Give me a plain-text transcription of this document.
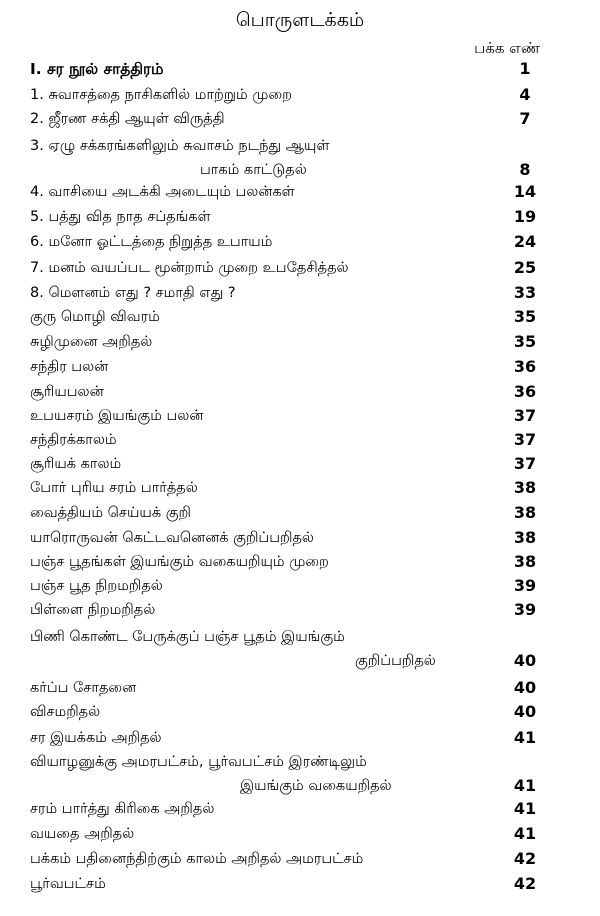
பொருளடக்கம்
பக்க எண்
I. சர நூல் சாத்திரம்	1
1. சுவாசத்தை நாசிகளில் மாற்றும் முறை	4
2. ஜீரண சக்தி ஆயுள் விருத்தி	7
3. ஏழு சக்கரங்களிலும் சுவாசம் நடந்து ஆயுள்
பாகம் காட்டுதல்	8
4. வாசியை அடக்கி அடையும் பலன்கள்	14
5. பத்து வித நாத சப்தங்கள்	19
6. மனோ ஓட்டத்தை நிறுத்த உபாயம்	24
7. மனம் வயப்பட மூன்றாம் முறை உபதேசித்தல்	25
8. மௌனம் எது ? சமாதி எது ?	33
குரு மொழி விவரம்	35
சுழிமுனை அறிதல்	35
சந்திர பலன்	36
சூரியபலன்	36
உபயசரம் இயங்கும் பலன்	37
சந்திரக்காலம்	37
சூரியக் காலம்	37
போர் புரிய சரம் பார்த்தல்	38
வைத்தியம் செய்யக் குறி	38
யாரொருவன் கெட்டவனெனக் குறிப்பறிதல்	38
பஞ்ச பூதங்கள் இயங்கும் வகையறியும் முறை	38
பஞ்ச பூத நிறமறிதல்	39
பிள்ளை நிறமறிதல்	39
பிணி கொண்ட பேருக்குப் பஞ்ச பூதம் இயங்கும்
குறிப்பறிதல்	40
கர்ப்ப சோதனை	40
விசமறிதல்	40
சர இயக்கம் அறிதல்	41
வியாழனுக்கு அமரபட்சம், பூர்வபட்சம் இரண்டிலும்
இயங்கும் வகையறிதல்	41
சரம் பார்த்து கிரிகை அறிதல்	41
வயதை அறிதல்	41
பக்கம் பதினைந்திற்கும் காலம் அறிதல் அமரபட்சம்	42
பூர்வபட்சம்	42
